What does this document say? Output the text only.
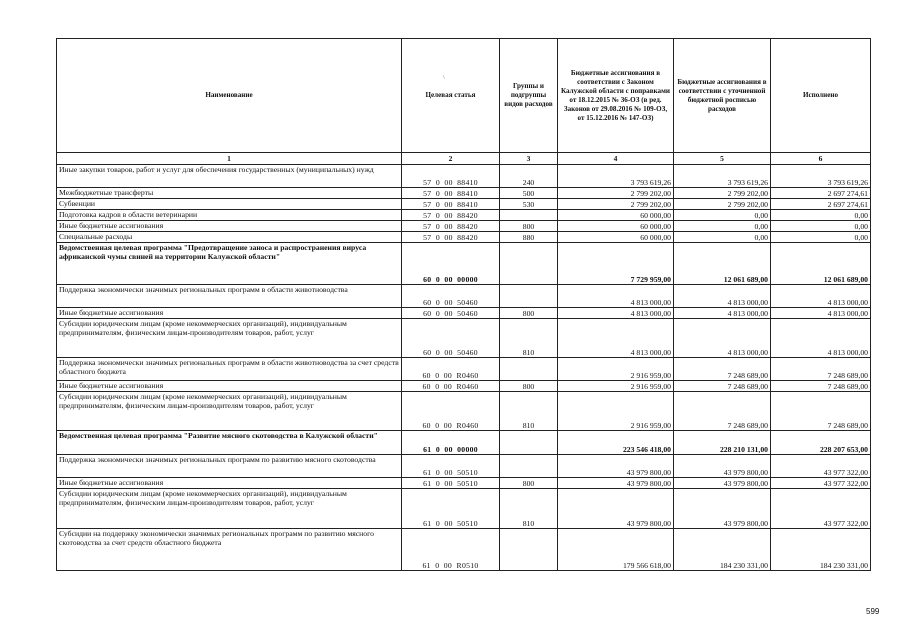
\
Наименование	Целевая статья	Группы и подгруппы видов расходов	Бюджетные ассигнования в соответствии с Законом Калужской области с поправками от 18.12.2015 № 36-ОЗ (в ред. Законов от 29.08.2016 № 109-ОЗ, от 15.12.2016 № 147-ОЗ)	Бюджетные ассигнования в соответствии с уточненной бюджетной росписью расходов	Исполнено
1	2	3	4	5	6
Иные закупки товаров, работ и услуг для обеспечения государственных (муниципальных) нужд	57  0  00  88410	240	3 793 619,26	3 793 619,26	3 793 619,26
Межбюджетные трансферты	57  0  00  88410	500	2 799 202,00	2 799 202,00	2 697 274,61
Субвенции	57  0  00  88410	530	2 799 202,00	2 799 202,00	2 697 274,61
Подготовка кадров в области ветеринарии	57  0  00  88420		60 000,00	0,00	0,00
Иные бюджетные ассигнования	57  0  00  88420	800	60 000,00	0,00	0,00
Специальные расходы	57  0  00  88420	880	60 000,00	0,00	0,00
Ведомственная целевая программа "Предотвращение заноса и распространения вируса африканской чумы свиней на территории Калужской области"	60  0  00  00000		7 729 959,00	12 061 689,00	12 061 689,00
Поддержка экономически значимых региональных программ в области животноводства	60  0  00  50460		4 813 000,00	4 813 000,00	4 813 000,00
Иные бюджетные ассигнования	60  0  00  50460	800	4 813 000,00	4 813 000,00	4 813 000,00
Субсидии юридическим лицам (кроме некоммерческих организаций), индивидуальным предпринимателям, физическим лицам-производителям товаров, работ, услуг	60  0  00  50460	810	4 813 000,00	4 813 000,00	4 813 000,00
Поддержка экономически значимых региональных программ в области животноводства за счет средств областного бюджета	60  0  00  R0460		2 916 959,00	7 248 689,00	7 248 689,00
Иные бюджетные ассигнования	60  0  00  R0460	800	2 916 959,00	7 248 689,00	7 248 689,00
Субсидии юридическим лицам (кроме некоммерческих организаций), индивидуальным предпринимателям, физическим лицам-производителям товаров, работ, услуг	60  0  00  R0460	810	2 916 959,00	7 248 689,00	7 248 689,00
Ведомственная целевая программа "Развитие мясного скотоводства в Калужской области"	61  0  00  00000		223 546 418,00	228 210 131,00	228 207 653,00
Поддержка экономически значимых региональных программ по развитию мясного скотоводства	61  0  00  50510		43 979 800,00	43 979 800,00	43 977 322,00
Иные бюджетные ассигнования	61  0  00  50510	800	43 979 800,00	43 979 800,00	43 977 322,00
Субсидии юридическим лицам (кроме некоммерческих организаций), индивидуальным предпринимателям, физическим лицам-производителям товаров, работ, услуг	61  0  00  50510	810	43 979 800,00	43 979 800,00	43 977 322,00
Субсидии на поддержку экономически значимых региональных программ по развитию мясного скотоводства за счет средств областного бюджета	61  0  00  R0510		179 566 618,00	184 230 331,00	184 230 331,00
599
